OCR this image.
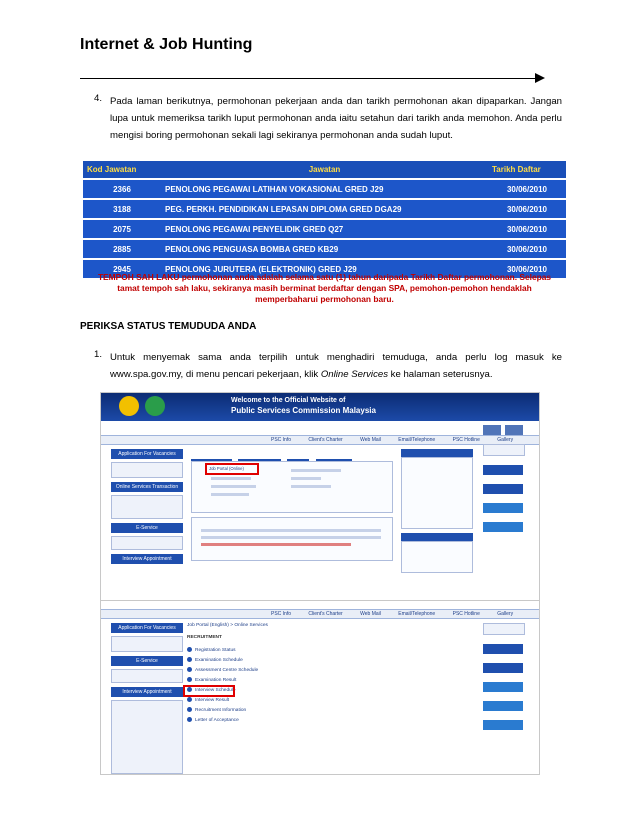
Internet & Job Hunting
4. Pada laman berikutnya, permohonan pekerjaan anda dan tarikh permohonan akan dipaparkan. Jangan lupa untuk memeriksa tarikh luput permohonan anda iaitu setahun dari tarikh anda memohon. Anda perlu mengisi boring permohonan sekali lagi sekiranya permohonan anda sudah luput.
Kod Jawatan	Jawatan	Tarikh Daftar
2366	PENOLONG PEGAWAI LATIHAN VOKASIONAL GRED J29	30/06/2010
3188	PEG. PERKH. PENDIDIKAN LEPASAN DIPLOMA GRED DGA29	30/06/2010
2075	PENOLONG PEGAWAI PENYELIDIK GRED Q27	30/06/2010
2885	PENOLONG PENGUASA BOMBA GRED KB29	30/06/2010
2945	PENOLONG JURUTERA (ELEKTRONIK) GRED J29	30/06/2010
TEMPOH SAH LAKU permohonan anda adalah selama satu (1) tahun daripada Tarikh Daftar permohonan. Selepas tamat tempoh sah laku, sekiranya masih berminat berdaftar dengan SPA, pemohon-pemohon hendaklah memperbaharui permohonan baru.
PERIKSA STATUS TEMUDUDA ANDA
1. Untuk menyemak sama anda terpilih untuk menghadiri temuduga, anda perlu log masuk ke www.spa.gov.my, di menu pencari pekerjaan, klik Online Services ke halaman seterusnya.
Welcome to the Official Website of
Public Services Commission Malaysia
PSC Info	Client's Charter	Web Mail	Email/Telephone	PSC Hotline	Gallery
Application For Vacancies
Online Services Transaction
E-Service
Interview Appointment

Job Portal (Online)

PSC Info	Client's Charter	Web Mail	Email/Telephone	PSC Hotline	Gallery
Application For Vacancies
E-Service
Interview Appointment
Job Portal (English) > Online Services
RECRUITMENT
Registration Status
Examination Schedule
Assessment Centre Schedule
Examination Result
Interview Schedule
Interview Result
Recruitment Information
Letter of Acceptance
